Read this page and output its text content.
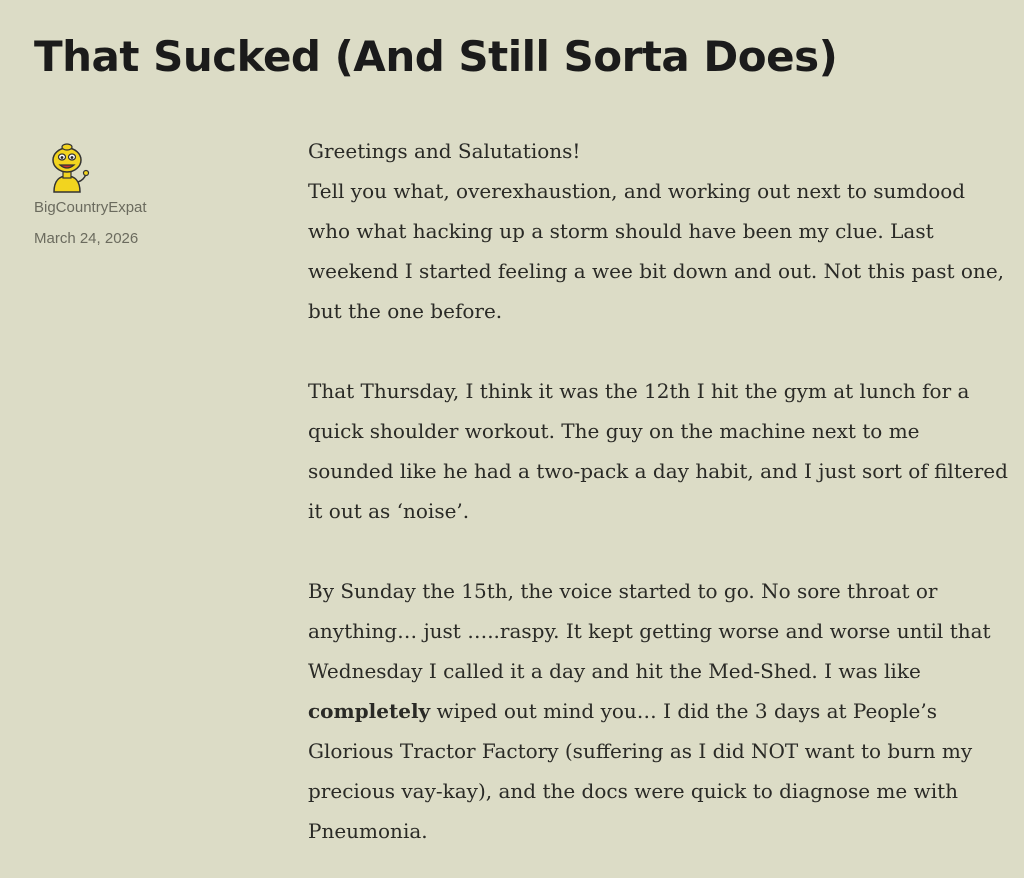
That Sucked (And Still Sorta Does)
BigCountryExpat
March 24, 2026

Greetings and Salutations!
Tell you what, overexhaustion, and working out next to sumdood who what hacking up a storm should have been my clue. Last weekend I started feeling a wee bit down and out. Not this past one, but the one before.

That Thursday, I think it was the 12th I hit the gym at lunch for a quick shoulder workout. The guy on the machine next to me sounded like he had a two-pack a day habit, and I just sort of filtered it out as ‘noise’.

By Sunday the 15th, the voice started to go. No sore throat or anything… just …..raspy. It kept getting worse and worse until that Wednesday I called it a day and hit the Med-Shed. I was like completely wiped out mind you… I did the 3 days at People’s Glorious Tractor Factory (suffering as I did NOT want to burn my precious vay-kay), and the docs were quick to diagnose me with Pneumonia.
